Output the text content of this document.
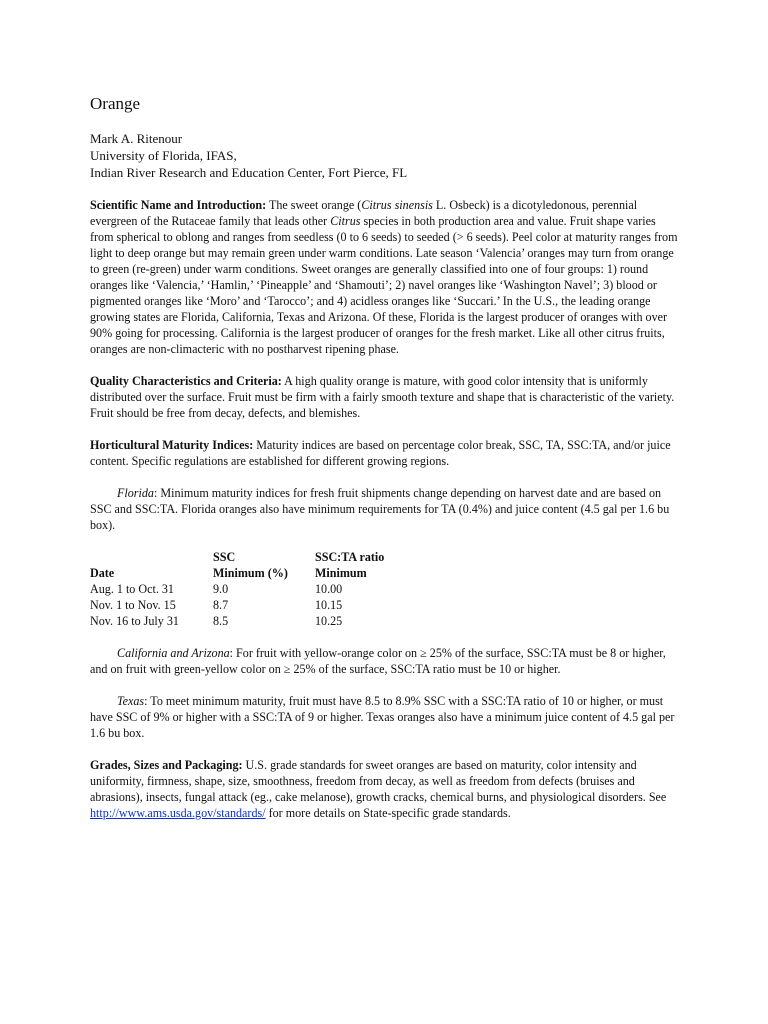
Orange

Mark A. Ritenour

University of Florida, IFAS,

Indian River Research and Education Center, Fort Pierce, FL

Scientific Name and Introduction: The sweet orange (Citrus sinensis L. Osbeck) is a dicotyledonous, perennial evergreen of the Rutaceae family that leads other Citrus species in both production area and value. Fruit shape varies from spherical to oblong and ranges from seedless (0 to 6 seeds) to seeded (> 6 seeds). Peel color at maturity ranges from light to deep orange but may remain green under warm conditions. Late season ‘Valencia’ oranges may turn from orange to green (re-green) under warm conditions. Sweet oranges are generally classified into one of four groups: 1) round oranges like ‘Valencia,’ ‘Hamlin,’ ‘Pineapple’ and ‘Shamouti’; 2) navel oranges like ‘Washington Navel’; 3) blood or pigmented oranges like ‘Moro’ and ‘Tarocco’; and 4) acidless oranges like ‘Succari.’ In the U.S., the leading orange growing states are Florida, California, Texas and Arizona. Of these, Florida is the largest producer of oranges with over 90% going for processing. California is the largest producer of oranges for the fresh market. Like all other citrus fruits, oranges are non-climacteric with no postharvest ripening phase.

Quality Characteristics and Criteria: A high quality orange is mature, with good color intensity that is uniformly distributed over the surface. Fruit must be firm with a fairly smooth texture and shape that is characteristic of the variety. Fruit should be free from decay, defects, and blemishes.

Horticultural Maturity Indices: Maturity indices are based on percentage color break, SSC, TA, SSC:TA, and/or juice content. Specific regulations are established for different growing regions.

Florida: Minimum maturity indices for fresh fruit shipments change depending on harvest date and are based on SSC and SSC:TA. Florida oranges also have minimum requirements for TA (0.4%) and juice content (4.5 gal per 1.6 bu box).

	SSC	SSC:TA ratio
Date	Minimum (%)	Minimum
Aug. 1 to Oct. 31	9.0	10.00
Nov. 1 to Nov. 15	8.7	10.15
Nov. 16 to July 31	8.5	10.25

California and Arizona: For fruit with yellow-orange color on ≥ 25% of the surface, SSC:TA must be 8 or higher, and on fruit with green-yellow color on ≥ 25% of the surface, SSC:TA ratio must be 10 or higher.

Texas: To meet minimum maturity, fruit must have 8.5 to 8.9% SSC with a SSC:TA ratio of 10 or higher, or must have SSC of 9% or higher with a SSC:TA of 9 or higher. Texas oranges also have a minimum juice content of 4.5 gal per 1.6 bu box.

Grades, Sizes and Packaging: U.S. grade standards for sweet oranges are based on maturity, color intensity and uniformity, firmness, shape, size, smoothness, freedom from decay, as well as freedom from defects (bruises and abrasions), insects, fungal attack (eg., cake melanose), growth cracks, chemical burns, and physiological disorders. See http://www.ams.usda.gov/standards/ for more details on State-specific grade standards.
